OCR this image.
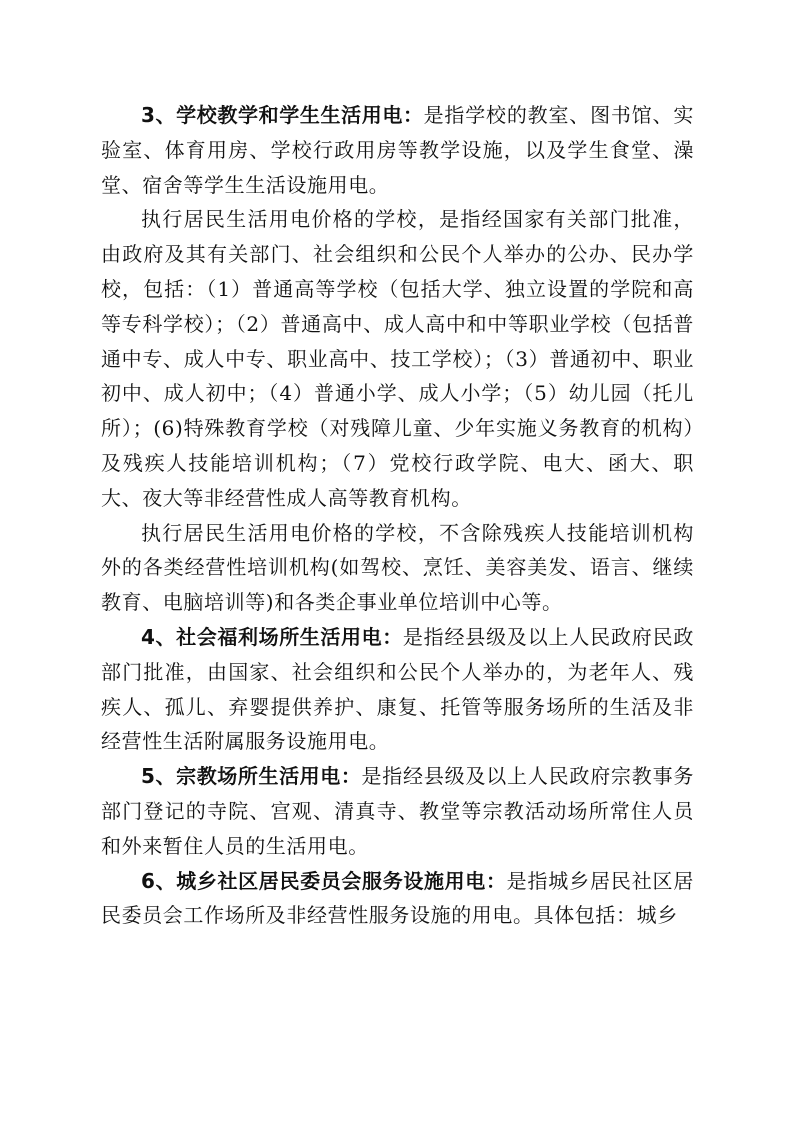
3、学校教学和学生生活用电：是指学校的教室、图书馆、实验室、体育用房、学校行政用房等教学设施，以及学生食堂、澡堂、宿舍等学生生活设施用电。

执行居民生活用电价格的学校，是指经国家有关部门批准，由政府及其有关部门、社会组织和公民个人举办的公办、民办学校，包括：（1）普通高等学校（包括大学、独立设置的学院和高等专科学校）；（2）普通高中、成人高中和中等职业学校（包括普通中专、成人中专、职业高中、技工学校）；（3）普通初中、职业初中、成人初中；（4）普通小学、成人小学；（5）幼儿园（托儿所）；(6)特殊教育学校（对残障儿童、少年实施义务教育的机构）及残疾人技能培训机构；（7）党校行政学院、电大、函大、职大、夜大等非经营性成人高等教育机构。

执行居民生活用电价格的学校，不含除残疾人技能培训机构外的各类经营性培训机构(如驾校、烹饪、美容美发、语言、继续教育、电脑培训等)和各类企事业单位培训中心等。

4、社会福利场所生活用电：是指经县级及以上人民政府民政部门批准，由国家、社会组织和公民个人举办的，为老年人、残疾人、孤儿、弃婴提供养护、康复、托管等服务场所的生活及非经营性生活附属服务设施用电。

5、宗教场所生活用电：是指经县级及以上人民政府宗教事务部门登记的寺院、宫观、清真寺、教堂等宗教活动场所常住人员和外来暂住人员的生活用电。

6、城乡社区居民委员会服务设施用电：是指城乡居民社区居民委员会工作场所及非经营性服务设施的用电。具体包括：城乡
